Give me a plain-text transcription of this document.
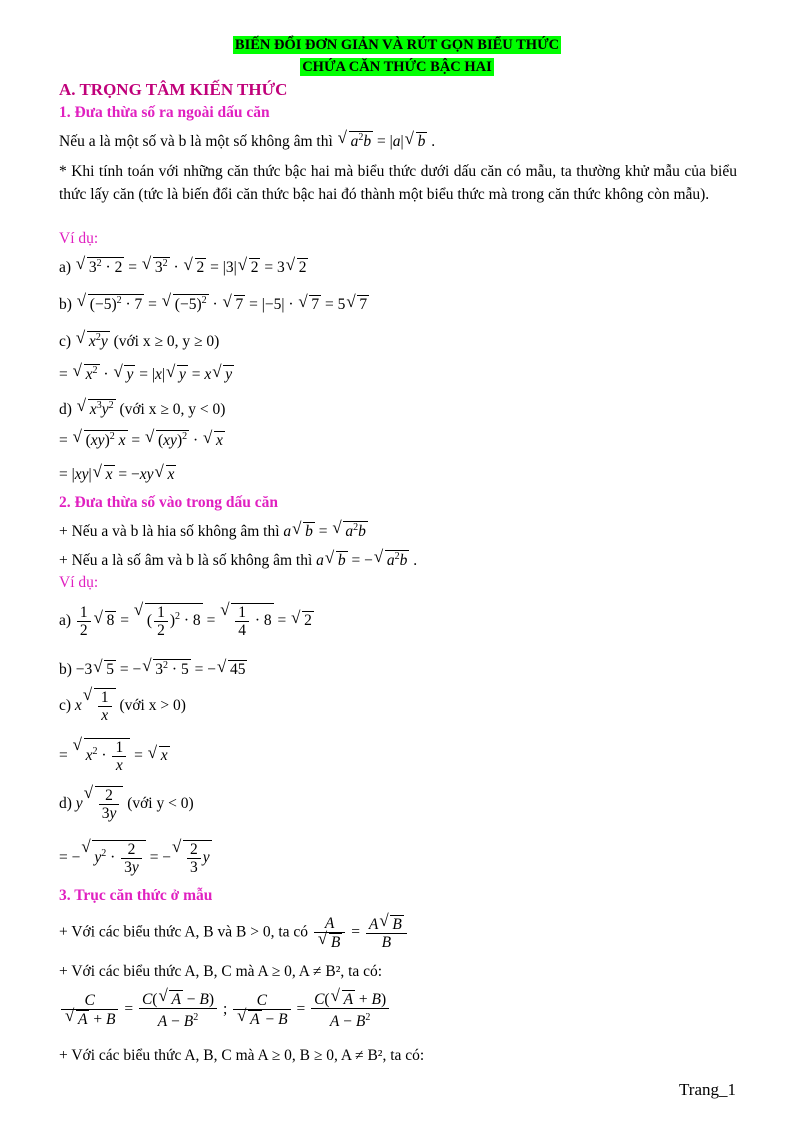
BIẾN ĐỔI ĐƠN GIẢN VÀ RÚT GỌN BIỂU THỨC
CHỨA CĂN THỨC BẬC HAI
A. TRỌNG TÂM KIẾN THỨC
1. Đưa thừa số ra ngoài dấu căn
Nếu a là một số và b là một số không âm thì √ $a^2b = |a|√$ b .
* Khi tính toán với những căn thức bậc hai mà biểu thức dưới dấu căn có mẫu, ta thường khử mẫu của biểu thức lấy căn (tức là biến đổi căn thức bậc hai đó thành một biểu thức mà trong căn thức không còn mẫu).
Ví dụ:
a) √ $3^2 \cdot 2$ = √ $3^2$ · √ 2 = |3|√ 2 = 3√ 2
b) √ $(-5)^2 \cdot 7$ = √ $(-5)^2$ · √ 7 = |−5| · √ 7 = 5√ 7
c) √ $x^2y$ (với x ≥ 0, y ≥ 0)
= √ $x^2$ · √ y = |x|√ y = x√ y
d) √ $x^3y^2$ (với x ≥ 0, y < 0)
= √ (xy)$^2$ x = √ (xy)$^2$ · √ x
= |xy|√ x = −xy√ x
2. Đưa thừa số vào trong dấu căn
+ Nếu a và b là hia số không âm thì a√ b = √ $a^2b$
+ Nếu a là số âm và b là số không âm thì a√ b = −√ $a^2b$ .
Ví dụ:
$a) \frac{1}{2}$
√ 8 = √ ( $\frac{1}{2} )^2 \cdot 8$ =
√ $\frac{1}{4} \cdot 8$ = √ 2
b) −3√ 5 = −√ $3^2 \cdot 5$ = −√ 45
c) x
√ $\frac{1}{x}$ (với x > 0)
= √ $x^2 \cdot \frac{1}{x}$ = √ x
d) y
√ $\frac{2}{3y}$ (với y < 0)
= −√ $y^2 \cdot \frac{2}{3y}$ = −
√ $\frac{2}{3}$ y
3. Trục căn thức ở mẫu
+ Với các biểu thức A, B và B > 0, ta có A
√ $B = \frac{A√ B}{B}$
+ Với các biểu thức A, B, C mà A ≥ 0, A ≠ B², ta có:
C
√ $A + B = \frac{C(√ A - B)}{A - B^2}$ ; C
√ $A - B = \frac{C(√ A + B)}{A - B^2}$
+ Với các biểu thức A, B, C mà A ≥ 0, B ≥ 0, A ≠ B², ta có:
Trang_1
